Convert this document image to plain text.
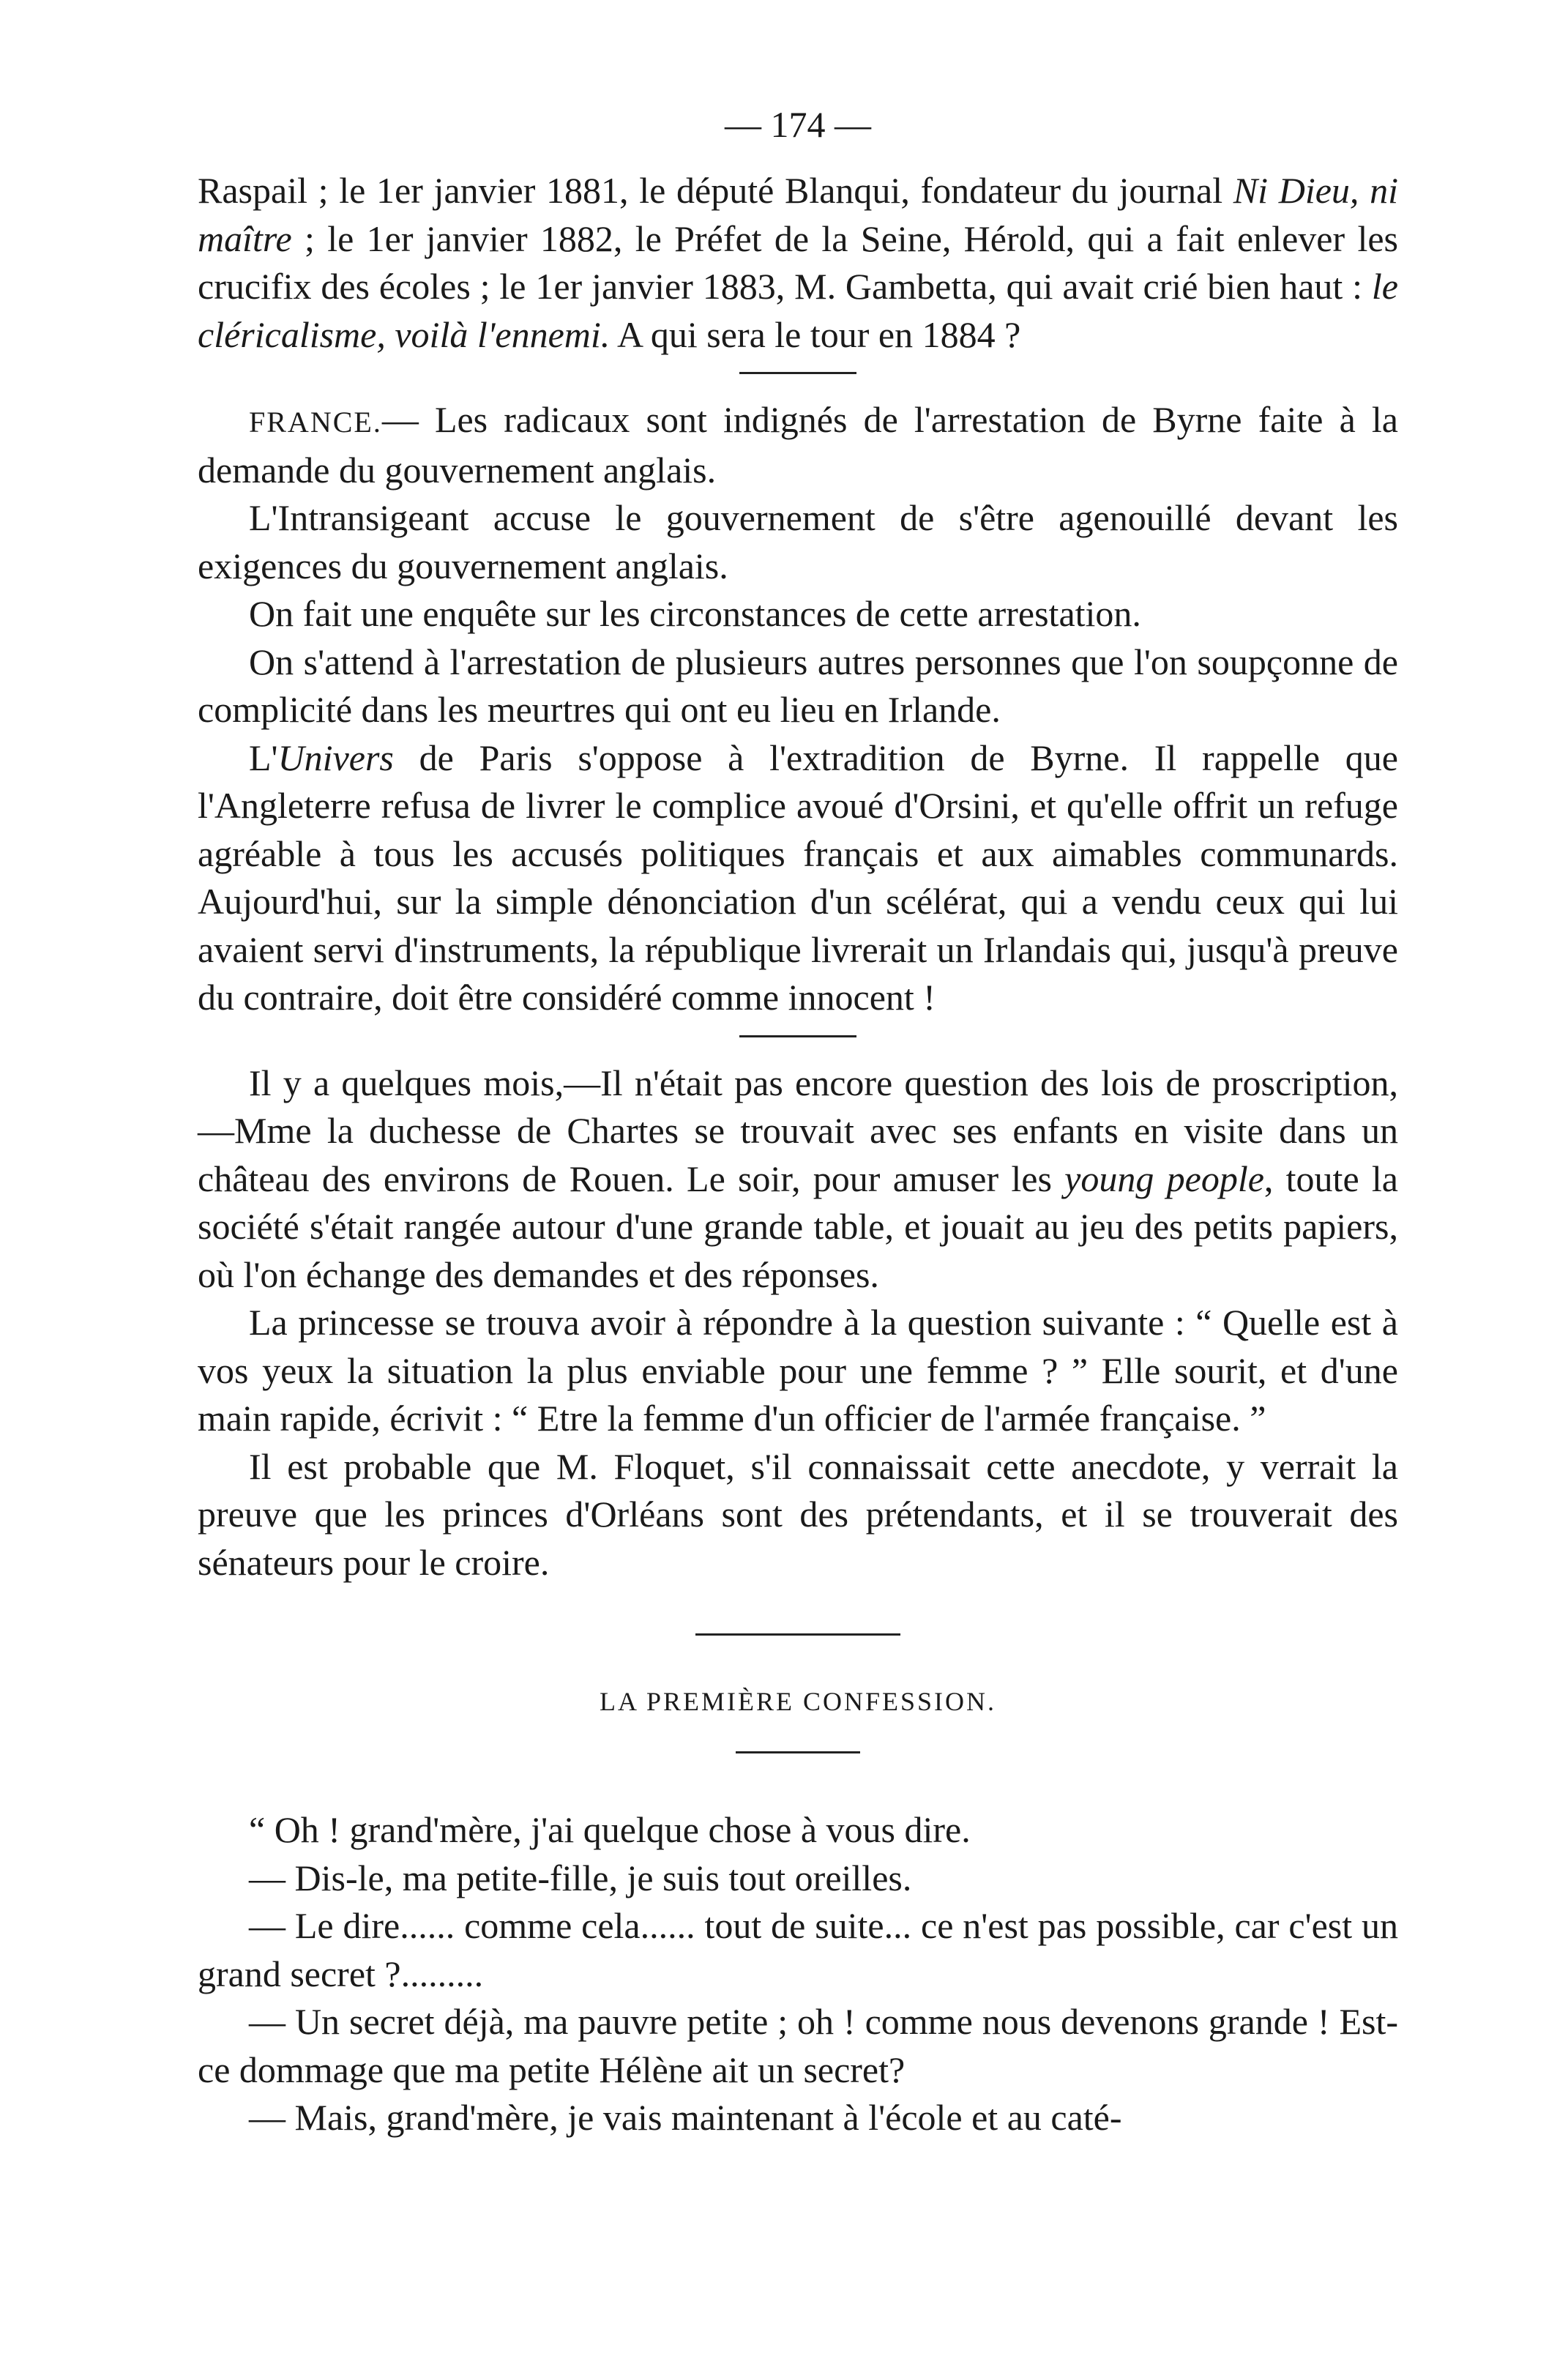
— 174 —

Raspail ; le 1er janvier 1881, le député Blanqui, fondateur du journal Ni Dieu, ni maître ; le 1er janvier 1882, le Préfet de la Seine, Hérold, qui a fait enlever les crucifix des écoles ; le 1er janvier 1883, M. Gambetta, qui avait crié bien haut : le cléricalisme, voilà l'ennemi. A qui sera le tour en 1884 ?

FRANCE.— Les radicaux sont indignés de l'arrestation de Byrne faite à la demande du gouvernement anglais.

L'Intransigeant accuse le gouvernement de s'être agenouillé devant les exigences du gouvernement anglais.

On fait une enquête sur les circonstances de cette arrestation.

On s'attend à l'arrestation de plusieurs autres personnes que l'on soupçonne de complicité dans les meurtres qui ont eu lieu en Irlande.

L'Univers de Paris s'oppose à l'extradition de Byrne. Il rappelle que l'Angleterre refusa de livrer le complice avoué d'Orsini, et qu'elle offrit un refuge agréable à tous les accusés politiques français et aux aimables communards. Aujourd'hui, sur la simple dénonciation d'un scélérat, qui a vendu ceux qui lui avaient servi d'instruments, la république livrerait un Irlandais qui, jusqu'à preuve du contraire, doit être considéré comme innocent !

Il y a quelques mois,—Il n'était pas encore question des lois de proscription,—Mme la duchesse de Chartes se trouvait avec ses enfants en visite dans un château des environs de Rouen. Le soir, pour amuser les young people, toute la société s'était rangée autour d'une grande table, et jouait au jeu des petits papiers, où l'on échange des demandes et des réponses.

La princesse se trouva avoir à répondre à la question suivante : “ Quelle est à vos yeux la situation la plus enviable pour une femme ? ” Elle sourit, et d'une main rapide, écrivit : “ Etre la femme d'un officier de l'armée française. ”

Il est probable que M. Floquet, s'il connaissait cette anecdote, y verrait la preuve que les princes d'Orléans sont des prétendants, et il se trouverait des sénateurs pour le croire.

LA PREMIÈRE CONFESSION.

“ Oh ! grand'mère, j'ai quelque chose à vous dire.

— Dis-le, ma petite-fille, je suis tout oreilles.

— Le dire...... comme cela...... tout de suite... ce n'est pas possible, car c'est un grand secret ?.........

— Un secret déjà, ma pauvre petite ; oh ! comme nous devenons grande ! Est-ce dommage que ma petite Hélène ait un secret?

— Mais, grand'mère, je vais maintenant à l'école et au caté-
